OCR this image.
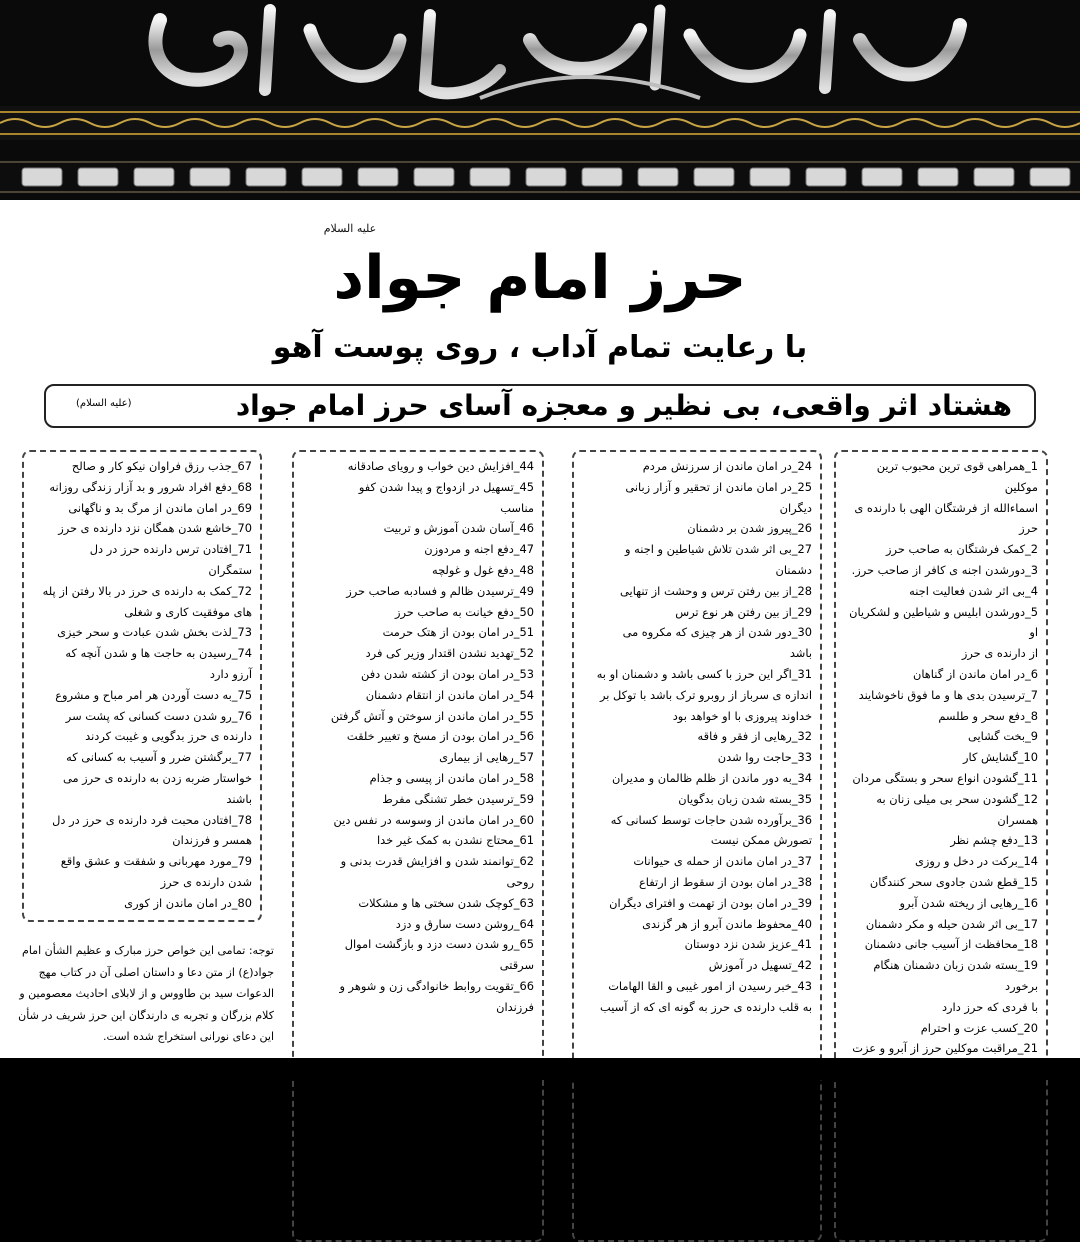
علیه السلام
حرز امام جواد
با رعایت تمام آداب ، روی پوست آهو
هشتاد اثر واقعی، بی نظیر و معجزه آسای حرز امام جواد
(علیه السلام)
1_همراهی قوی ترین محبوب ترین موکلین
اسماءالله از فرشتگان الهی با دارنده ی حرز
2_کمک فرشتگان به صاحب حرز
3_دورشدن اجنه ی کافر از صاحب حرز.
4_بی اثر شدن فعالیت اجنه
5_دورشدن ابلیس و شیاطین و لشکریان او
از دارنده ی حرز
6_در امان ماندن از گناهان
7_ترسیدن بدی ها و ما فوق ناخوشایند
8_دفع سحر و طلسم
9_بخت گشایی
10_گشایش کار
11_گشودن انواع سحر و بستگی مردان
12_گشودن سحر بی میلی زنان به همسران
13_دفع چشم نظر
14_برکت در دخل و روزی
15_قطع شدن جادوی سحر کنندگان
16_رهایی از ریخته شدن آبرو
17_بی اثر شدن حیله و مکر دشمنان
18_محافظت از آسیب جانی دشمنان
19_بسته شدن زبان دشمنان هنگام برخورد
با فردی که حرز دارد
20_کسب عزت و احترام
21_مراقبت موکلین حرز از آبرو و عزت
22_عدم توفیق دشمنان بر تخریب
شخصیت و جایگاه فرد
23_مراقبت از انواع بیماری ها
24_در امان ماندن از سرزنش مردم
25_در امان ماندن از تحقیر و آزار زبانی
دیگران
26_پیروز شدن بر دشمنان
27_بی اثر شدن تلاش شیاطین و اجنه و
دشمنان
28_از بین رفتن ترس و وحشت از تنهایی
29_از بین رفتن هر نوع ترس
30_دور شدن از هر چیزی که مکروه می
باشد
31_اگر این حرز با کسی باشد و دشمنان او به
اندازه ی سرباز از روبرو ترک باشد با توکل بر
خداوند پیروزی با او خواهد بود
32_رهایی از فقر و فاقه
33_حاجت روا شدن
34_به دور ماندن از ظلم ظالمان و مدیران
35_بسته شدن زبان بدگویان
36_برآورده شدن حاجات توسط کسانی که
تصورش ممکن نیست
37_در امان ماندن از حمله ی حیوانات
38_در امان بودن از سقوط از ارتفاع
39_در امان بودن از تهمت و افترای دیگران
40_محفوظ ماندن آبرو از هر گزندی
41_عزیز شدن نزد دوستان
42_تسهیل در آموزش
43_خبر رسیدن از امور غیبی و القا الهامات
به قلب دارنده ی حرز به گونه ای که از آسیب
44_افزایش دین خواب و رویای صادقانه
45_تسهیل در ازدواج و پیدا شدن کفو
مناسب
46_آسان شدن آموزش و تربیت
47_دفع اجنه و مردوزن
48_دفع غول و غولچه
49_ترسیدن ظالم و فسادبه صاحب حرز
50_دفع خیانت به صاحب حرز
51_در امان بودن از هتک حرمت
52_تهدید نشدن اقتدار وزیر کی فرد
53_در امان بودن از کشته شدن دفن
54_در امان ماندن از انتقام دشمنان
55_در امان ماندن از سوختن و آتش گرفتن
56_در امان بودن از مسخ و تغییر خلقت
57_رهایی از بیماری
58_در امان ماندن از پیسی و جذام
59_ترسیدن خطر تشنگی مفرط
60_در امان ماندن از وسوسه در نفس دین
61_محتاج نشدن به کمک غیر خدا
62_توانمند شدن و افزایش قدرت بدنی و
روحی
63_کوچک شدن سختی ها و مشکلات
64_روشن دست سارق و دزد
65_رو شدن دست دزد و بازگشت اموال
سرقتی
66_تقویت روابط خانوادگی زن و شوهر و
فرزندان
67_جذب رزق فراوان نیکو کار و صالح
68_دفع افراد شرور و بد آزار زندگی روزانه
69_در امان ماندن از مرگ بد و ناگهانی
70_خاشع شدن همگان نزد دارنده ی حرز
71_افتادن ترس دارنده حرز در دل
ستمگران
72_کمک به دارنده ی حرز در بالا رفتن از پله
های موفقیت کاری و شغلی
73_لذت بخش شدن عبادت و سحر خیزی
74_رسیدن به حاجت ها و شدن آنچه که
آرزو دارد
75_به دست آوردن هر امر مباح و مشروع
76_رو شدن دست کسانی که پشت سر
دارنده ی حرز بدگویی و غیبت کردند
77_برگشتن ضرر و آسیب به کسانی که
خواستار ضربه زدن به دارنده ی حرز می
باشند
78_افتادن محبت فرد دارنده ی حرز در دل
همسر و فرزندان
79_مورد مهربانی و شفقت و عشق واقع
شدن دارنده ی حرز
80_در امان ماندن از کوری
توجه: تمامی این خواص حرز مبارک و عظیم الشأن امام جواد(ع) از متن دعا و داستان اصلی آن در کتاب مهج الدعوات سید بن طاووس و از لابلای احادیث معصومین و کلام بزرگان و تجربه ی دارندگان این حرز شریف در شأن این دعای نورانی استخراج شده است.
